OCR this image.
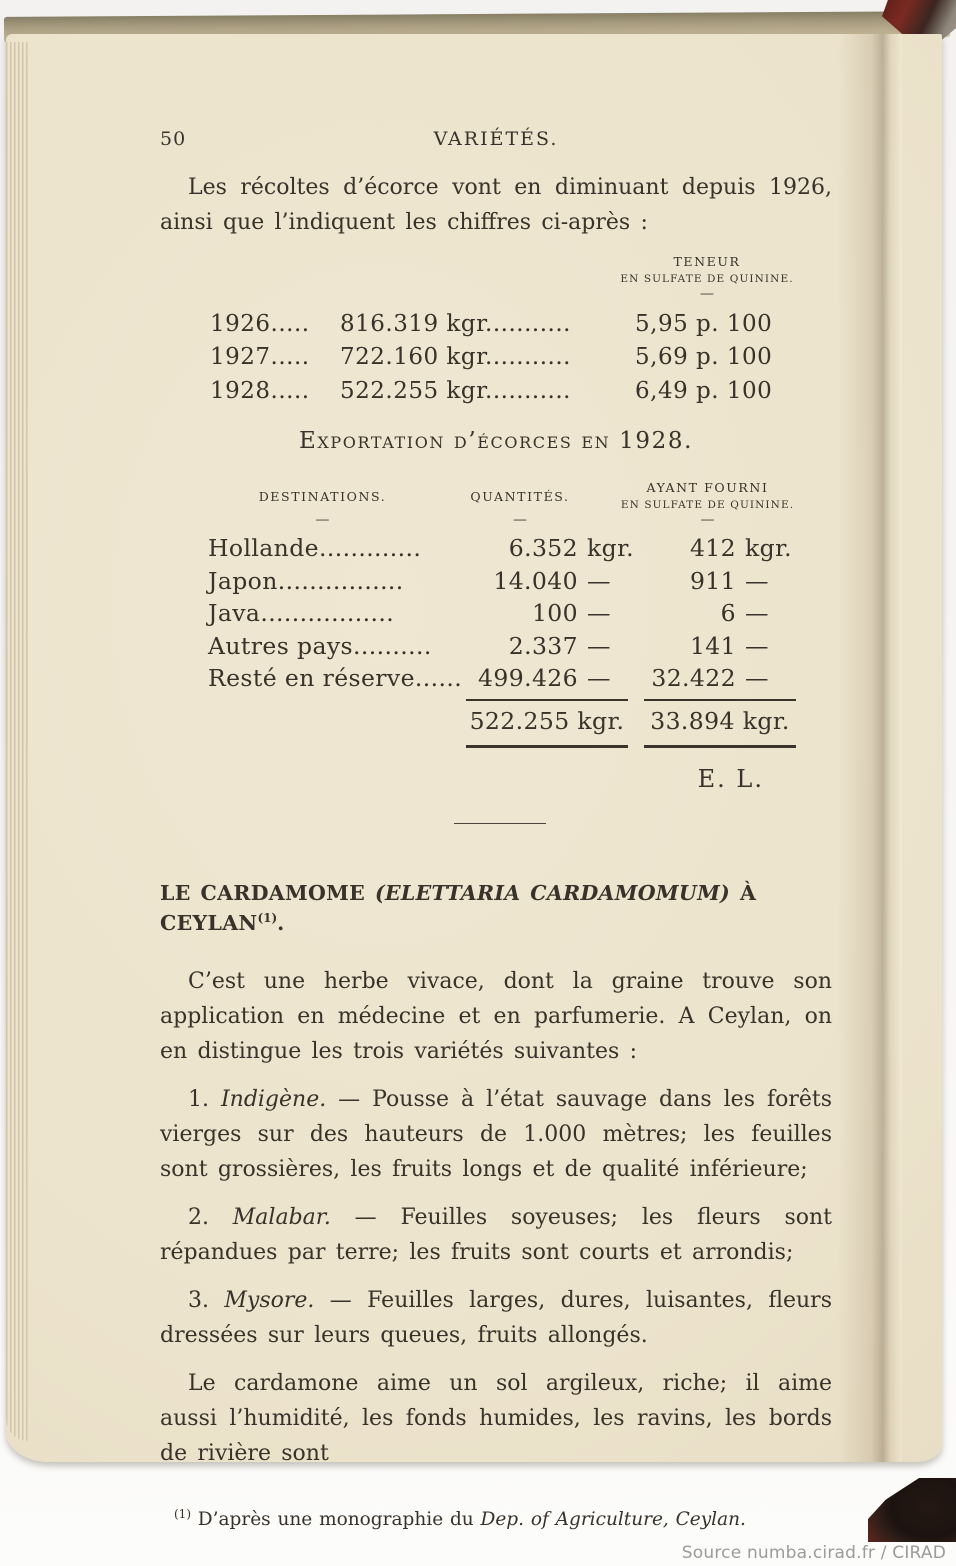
50	VARIÉTÉS.

Les récoltes d’écorce vont en diminuant depuis 1926, ainsi que l’indiquent les chiffres ci-après :

TENEUR
EN SULFATE DE QUININE.
—
1926.....	816.319 kgr...........	5,95 p. 100
1927.....	722.160 kgr...........	5,69 p. 100
1928.....	522.255 kgr...........	6,49 p. 100
Exportation d’écorces en 1928.
DESTINATIONS.
—
QUANTITÉS.
—
AYANT FOURNI
EN SULFATE DE QUININE.
—
Hollande.............	6.352 kgr.	412 kgr.
Japon................	14.040 —	911 —
Java.................	100 —	6 —
Autres pays..........	2.337 —	141 —
Resté en réserve...... 499.426 —	32.422 —
522.255 kgr. 33.894 kgr.
E. L.
LE CARDAMOME (ELETTARIA CARDAMOMUM) À CEYLAN$^{(1)}$.

C’est une herbe vivace, dont la graine trouve son application en médecine et en parfumerie. A Ceylan, on en distingue les trois variétés suivantes :

1. Indigène. — Pousse à l’état sauvage dans les forêts vierges sur des hauteurs de 1.000 mètres; les feuilles sont grossières, les fruits longs et de qualité inférieure;

2. Malabar. — Feuilles soyeuses; les fleurs sont répandues par terre; les fruits sont courts et arrondis;

3. Mysore. — Feuilles larges, dures, luisantes, fleurs dressées sur leurs queues, fruits allongés.

Le cardamone aime un sol argileux, riche; il aime aussi l’humidité, les fonds humides, les ravins, les bords de rivière sont

$^{(1)}$ D’après une monographie du Dep. of Agriculture, Ceylan.
Source numba.cirad.fr / CIRAD
